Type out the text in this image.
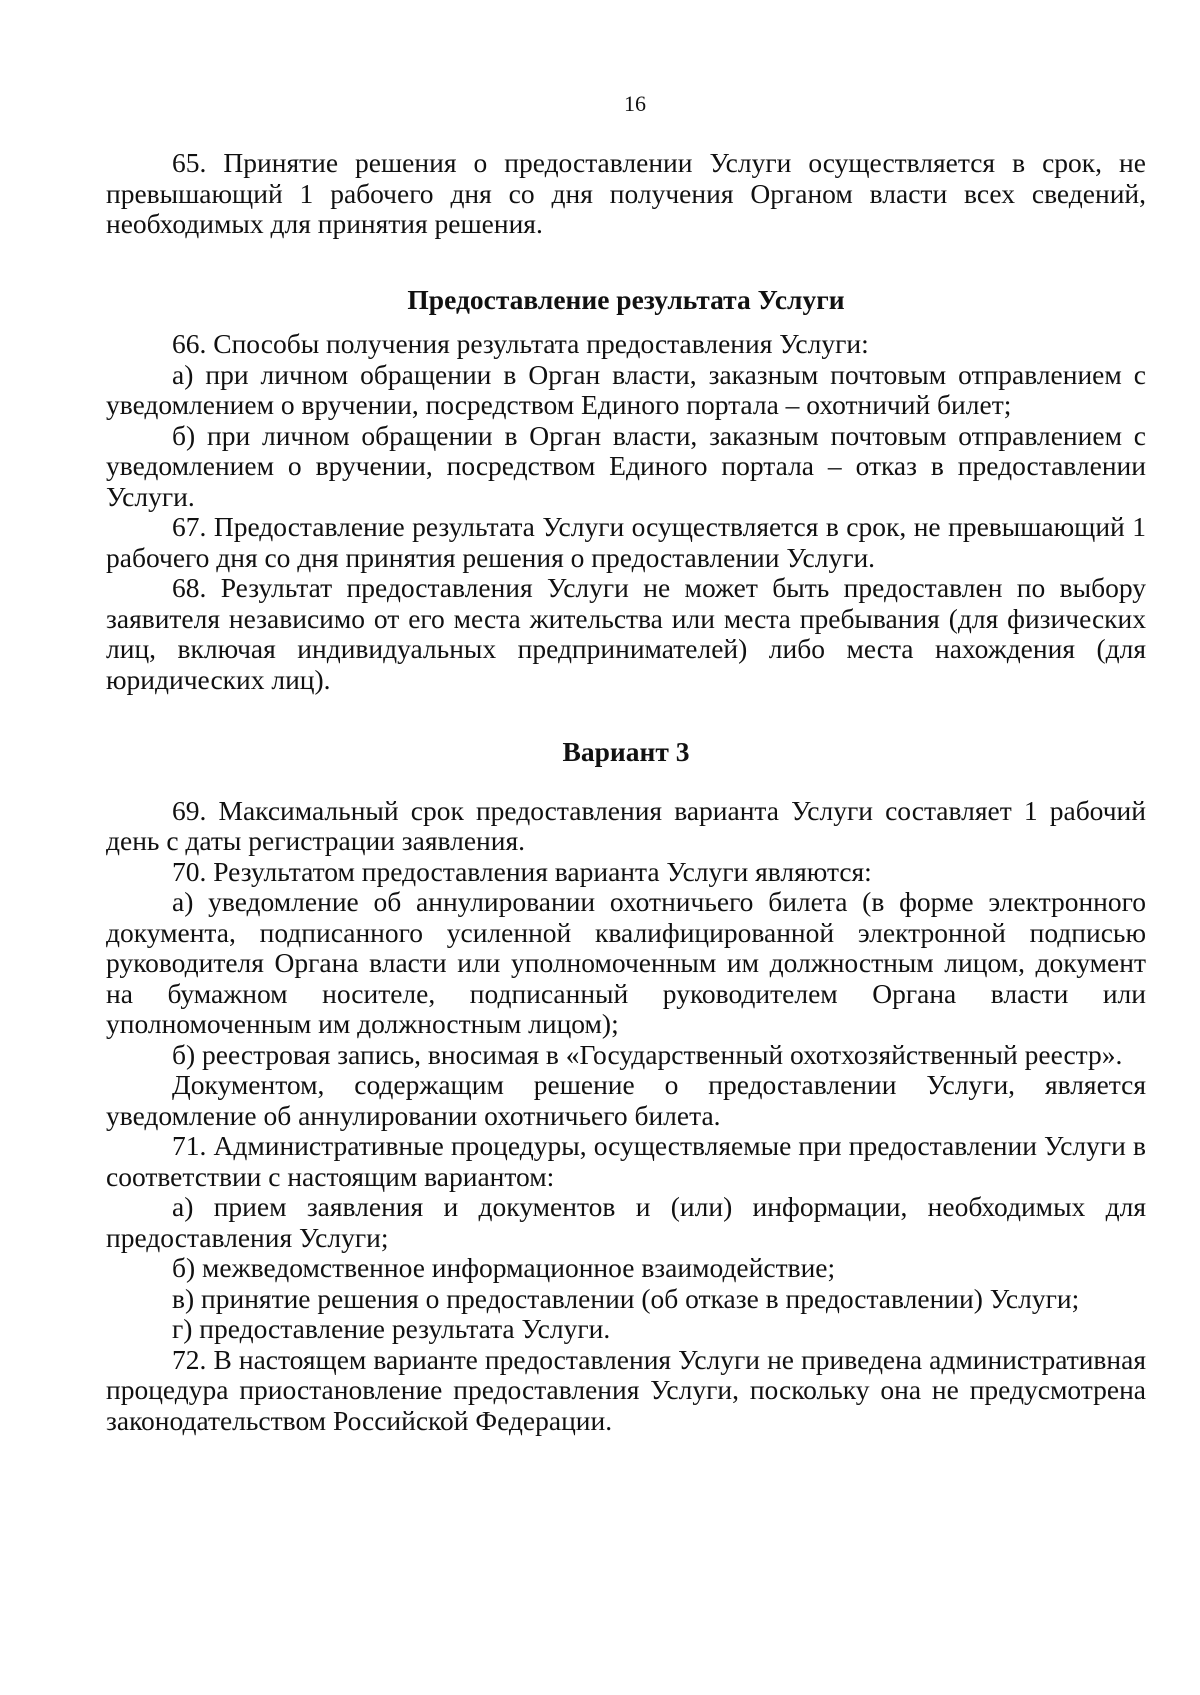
16

65. Принятие решения о предоставлении Услуги осуществляется в срок, не превышающий 1 рабочего дня со дня получения Органом власти всех сведений, необходимых для принятия решения.

Предоставление результата Услуги

66. Способы получения результата предоставления Услуги:

а) при личном обращении в Орган власти, заказным почтовым отправлением с уведомлением о вручении, посредством Единого портала – охотничий билет;

б) при личном обращении в Орган власти, заказным почтовым отправлением с уведомлением о вручении, посредством Единого портала – отказ в предоставлении Услуги.

67. Предоставление результата Услуги осуществляется в срок, не превышающий 1 рабочего дня со дня принятия решения о предоставлении Услуги.

68. Результат предоставления Услуги не может быть предоставлен по выбору заявителя независимо от его места жительства или места пребывания (для физических лиц, включая индивидуальных предпринимателей) либо места нахождения (для юридических лиц).

Вариант 3

69. Максимальный срок предоставления варианта Услуги составляет 1 рабочий день с даты регистрации заявления.

70. Результатом предоставления варианта Услуги являются:

а) уведомление об аннулировании охотничьего билета (в форме электронного документа, подписанного усиленной квалифицированной электронной подписью руководителя Органа власти или уполномоченным им должностным лицом, документ на бумажном носителе, подписанный руководителем Органа власти или уполномоченным им должностным лицом);

б) реестровая запись, вносимая в «Государственный охотхозяйственный реестр».

Документом, содержащим решение о предоставлении Услуги, является уведомление об аннулировании охотничьего билета.

71. Административные процедуры, осуществляемые при предоставлении Услуги в соответствии с настоящим вариантом:

а) прием заявления и документов и (или) информации, необходимых для предоставления Услуги;

б) межведомственное информационное взаимодействие;

в) принятие решения о предоставлении (об отказе в предоставлении) Услуги;

г) предоставление результата Услуги.

72. В настоящем варианте предоставления Услуги не приведена административная процедура приостановление предоставления Услуги, поскольку она не предусмотрена законодательством Российской Федерации.
